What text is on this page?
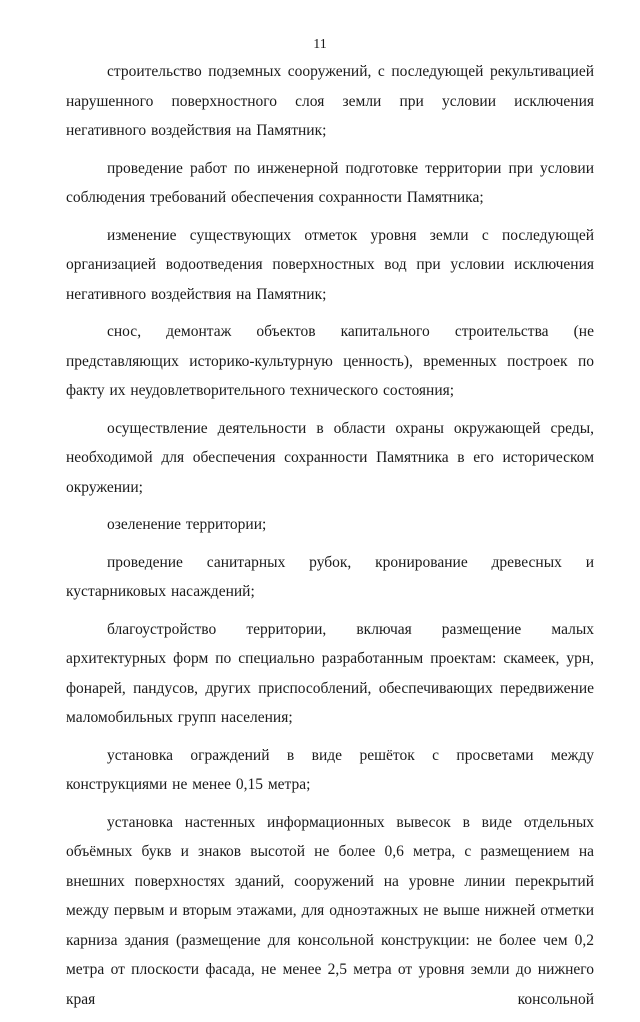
11

строительство подземных сооружений, с последующей рекультивацией нарушенного поверхностного слоя земли при условии исключения негативного воздействия на Памятник;

проведение работ по инженерной подготовке территории при условии соблюдения требований обеспечения сохранности Памятника;

изменение существующих отметок уровня земли с последующей организацией водоотведения поверхностных вод при условии исключения негативного воздействия на Памятник;

снос, демонтаж объектов капитального строительства (не представляющих историко-культурную ценность), временных построек по факту их неудовлетворительного технического состояния;

осуществление деятельности в области охраны окружающей среды, необходимой для обеспечения сохранности Памятника в его историческом окружении;

озеленение территории;

проведение санитарных рубок, кронирование древесных и кустарниковых насаждений;

благоустройство территории, включая размещение малых архитектурных форм по специально разработанным проектам: скамеек, урн, фонарей, пандусов, других приспособлений, обеспечивающих передвижение маломобильных групп населения;

установка ограждений в виде решёток с просветами между конструкциями не менее 0,15 метра;

установка настенных информационных вывесок в виде отдельных объёмных букв и знаков высотой не более 0,6 метра, с размещением на внешних поверхностях зданий, сооружений на уровне линии перекрытий между первым и вторым этажами, для одноэтажных не выше нижней отметки карниза здания (размещение для консольной конструкции: не более чем 0,2 метра от плоскости фасада, не менее 2,5 метра от уровня земли до нижнего края консольной
